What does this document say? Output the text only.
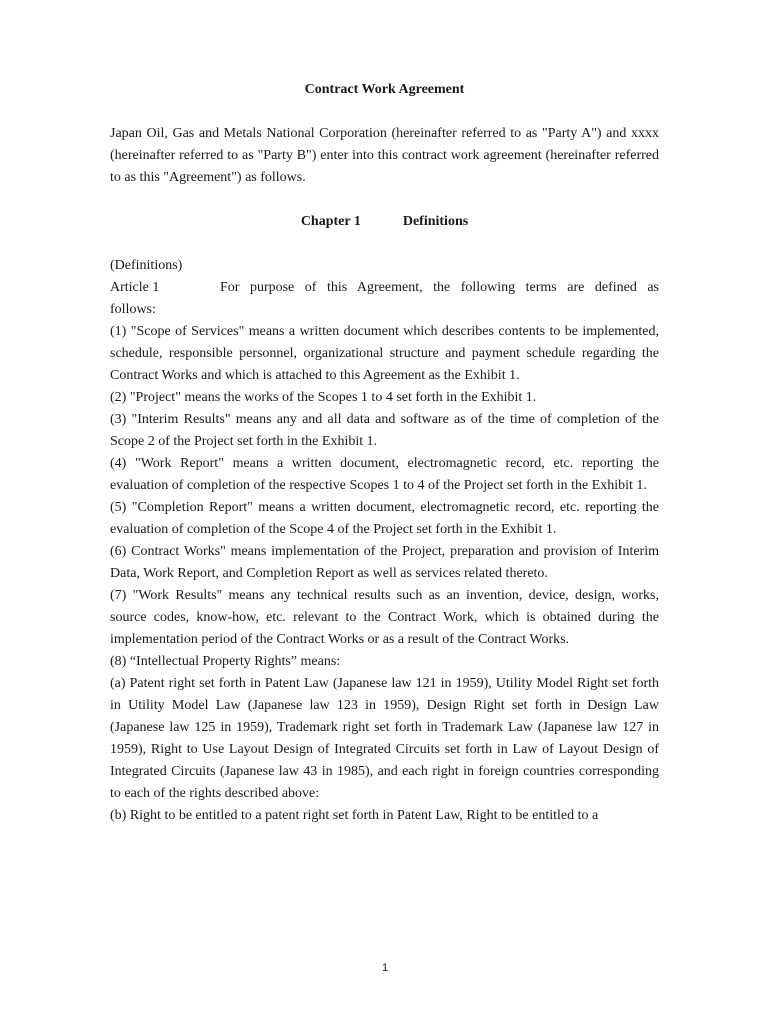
Contract Work Agreement

Japan Oil, Gas and Metals National Corporation (hereinafter referred to as "Party A") and xxxx (hereinafter referred to as "Party B") enter into this contract work agreement (hereinafter referred to as this "Agreement") as follows.

Chapter 1	Definitions

(Definitions)

Article 1	For purpose of this Agreement, the following terms are defined as

follows:

(1) "Scope of Services" means a written document which describes contents to be implemented, schedule, responsible personnel, organizational structure and payment schedule regarding the Contract Works and which is attached to this Agreement as the Exhibit 1.

(2) "Project" means the works of the Scopes 1 to 4 set forth in the Exhibit 1.

(3) "Interim Results" means any and all data and software as of the time of completion of the Scope 2 of the Project set forth in the Exhibit 1.

(4) "Work Report" means a written document, electromagnetic record, etc. reporting the evaluation of completion of the respective Scopes 1 to 4 of the Project set forth in the Exhibit 1.

(5) "Completion Report" means a written document, electromagnetic record, etc. reporting the evaluation of completion of the Scope 4 of the Project set forth in the Exhibit 1.

(6) Contract Works" means implementation of the Project, preparation and provision of Interim Data, Work Report, and Completion Report as well as services related thereto.

(7) "Work Results" means any technical results such as an invention, device, design, works, source codes, know-how, etc. relevant to the Contract Work, which is obtained during the implementation period of the Contract Works or as a result of the Contract Works.

(8) “Intellectual Property Rights” means:

(a) Patent right set forth in Patent Law (Japanese law 121 in 1959), Utility Model Right set forth in Utility Model Law (Japanese law 123 in 1959), Design Right set forth in Design Law (Japanese law 125 in 1959), Trademark right set forth in Trademark Law (Japanese law 127 in 1959), Right to Use Layout Design of Integrated Circuits set forth in Law of Layout Design of Integrated Circuits (Japanese law 43 in 1985), and each right in foreign countries corresponding to each of the rights described above:

(b) Right to be entitled to a patent right set forth in Patent Law, Right to be entitled to a

1
